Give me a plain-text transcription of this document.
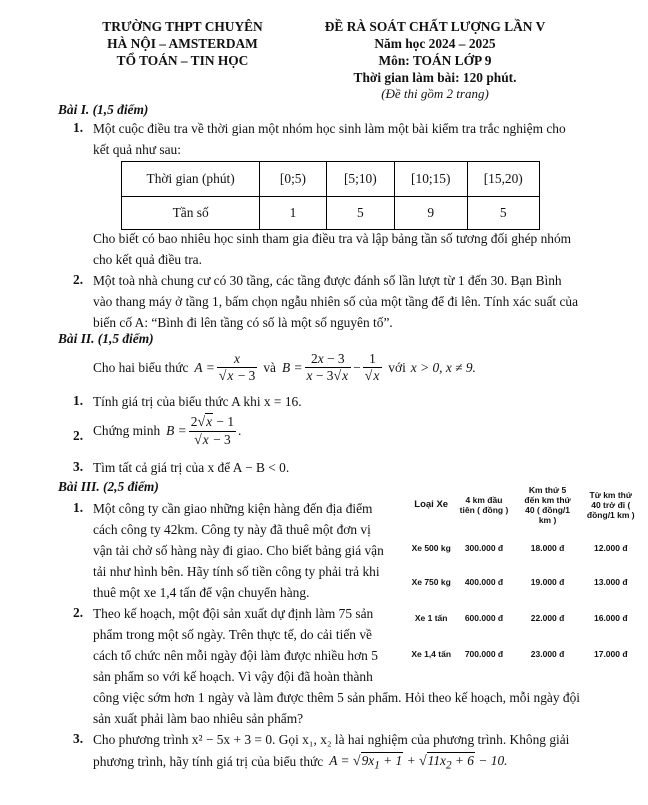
TRƯỜNG THPT CHUYÊN
HÀ NỘI – AMSTERDAM
TỔ TOÁN – TIN HỌC
ĐỀ RÀ SOÁT CHẤT LƯỢNG LẦN V
Năm học 2024 – 2025
Môn: TOÁN LỚP 9
Thời gian làm bài: 120 phút.
(Đề thi gồm 2 trang)
Bài I. (1,5 điểm)
1. Một cuộc điều tra về thời gian một nhóm học sinh làm một bài kiểm tra trắc nghiệm cho
kết quả như sau:
Thời gian (phút)	[0;5)	[5;10)	[10;15)	[15,20)
Tần số	1	5	9	5
Cho biết có bao nhiêu học sinh tham gia điều tra và lập bảng tần số tương đối ghép nhóm
cho kết quả điều tra.
2. Một toà nhà chung cư có 30 tầng, các tầng được đánh số lần lượt từ 1 đến 30. Bạn Bình
vào thang máy ở tầng 1, bấm chọn ngẫu nhiên số của một tầng để đi lên. Tính xác suất của
biến cố A: “Bình đi lên tầng có số là một số nguyên tố”.
Bài II. (1,5 điểm)
Cho hai biểu thức $A = \frac{x}{√x - 3}$ và $B = \frac{2x - 3}{x - 3√x} - \frac{1}{√x}$ với x > 0, x ≠ 9.
1. Tính giá trị của biểu thức A khi x = 16.
2. Chứng minh $B = \frac{2√x - 1}{√x - 3}$ .
3. Tìm tất cả giá trị của x để A − B < 0.
Bài III. (2,5 điểm)
1. Một công ty cần giao những kiện hàng đến địa điểm
cách công ty 42km. Công ty này đã thuê một đơn vị
vận tải chở số hàng này đi giao. Cho biết bảng giá vận
tải như hình bên. Hãy tính số tiền công ty phải trả khi
thuê một xe 1,4 tấn để vận chuyển hàng.
2. Theo kế hoạch, một đội sản xuất dự định làm 75 sản
phẩm trong một số ngày. Trên thực tế, do cải tiến về
cách tổ chức nên mỗi ngày đội làm được nhiều hơn 5
sản phẩm so với kế hoạch. Vì vậy đội đã hoàn thành
công việc sớm hơn 1 ngày và làm được thêm 5 sản phẩm. Hỏi theo kế hoạch, mỗi ngày đội
sản xuất phải làm bao nhiêu sản phẩm?
3. Cho phương trình x² − 5x + 3 = 0. Gọi x₁, x₂ là hai nghiệm của phương trình. Không giải
phương trình, hãy tính giá trị của biểu thức $A = √9x_1 + 1 + √11x_2 + 6 - 10$.
Loại Xe	4 km đầu tiên ( đồng )	Km thứ 5 đến km thứ 40 ( đồng/1 km )	Từ km thứ 40 trở đi ( đồng/1 km )
Xe 500 kg	300.000 đ	18.000 đ	12.000 đ
Xe 750 kg	400.000 đ	19.000 đ	13.000 đ
Xe 1 tấn	600.000 đ	22.000 đ	16.000 đ
Xe 1,4 tấn	700.000 đ	23.000 đ	17.000 đ
